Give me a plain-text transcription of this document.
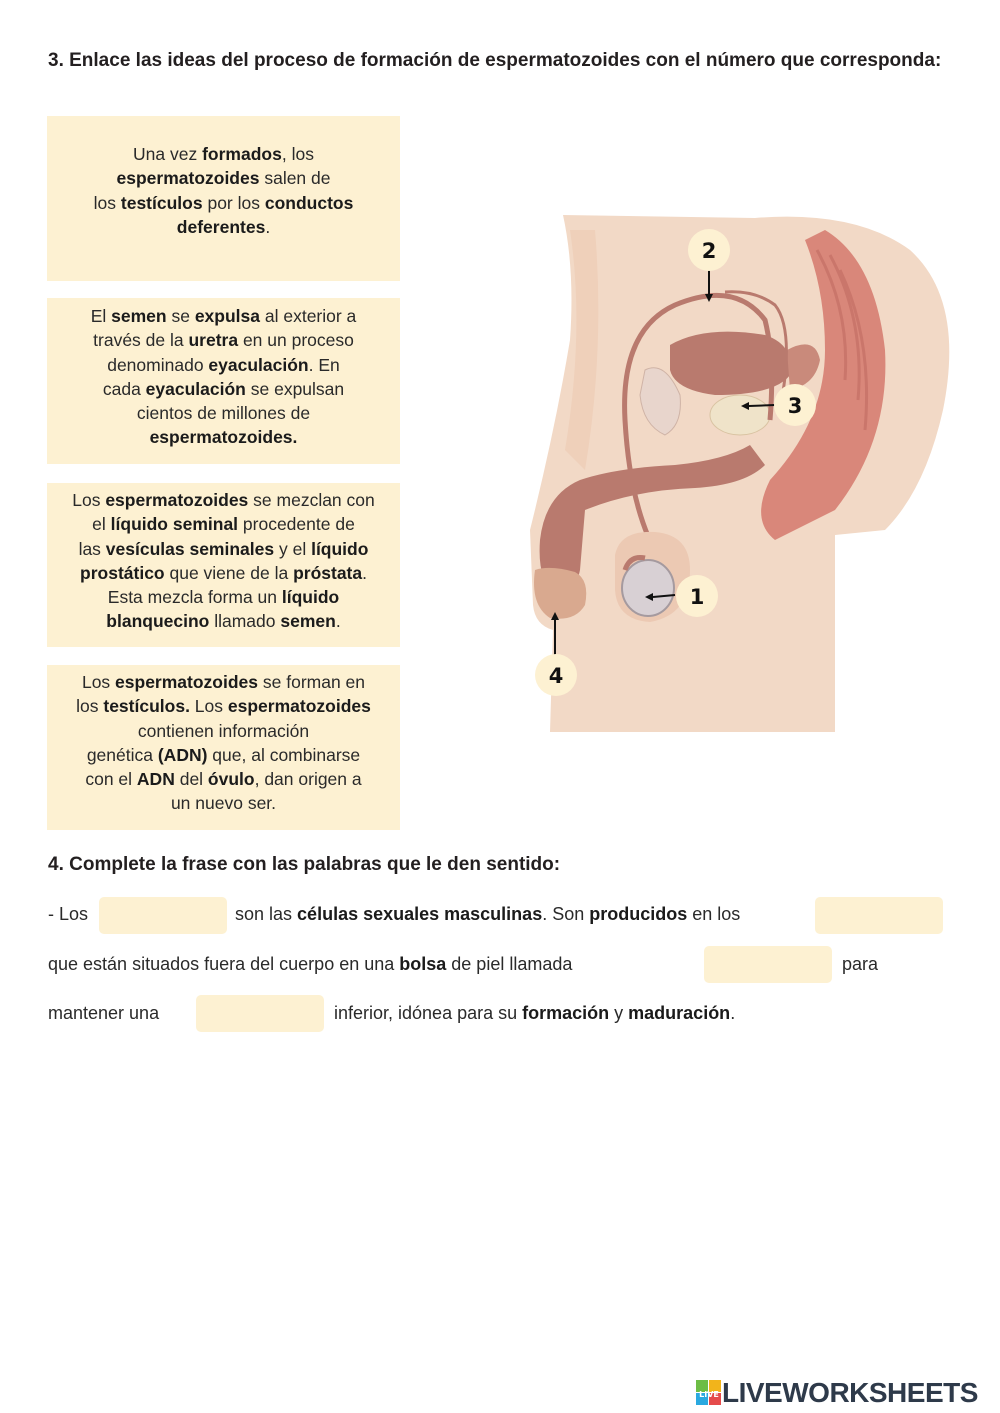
3. Enlace las ideas del proceso de formación de espermatozoides con el número que corresponda:

Una vez formados, los

espermatozoides salen de

los testículos por los conductos

deferentes.

El semen se expulsa al exterior a

través de la uretra en un proceso

denominado eyaculación. En

cada eyaculación se expulsan

cientos de millones de

espermatozoides.

Los espermatozoides se mezclan con

el líquido seminal procedente de

las vesículas seminales y el líquido

prostático que viene de la próstata.

Esta mezcla forma un líquido

blanquecino llamado semen.

Los espermatozoides se forman en

los testículos. Los espermatozoides

contienen información

genética (ADN) que, al combinarse

con el ADN del óvulo, dan origen a

un nuevo ser.

1
2
3
4
4. Complete la frase con las palabras que le den sentido:
- Los	son las células sexuales masculinas. Son producidos en los
que están situados fuera del cuerpo en una bolsa de piel llamada	para
mantener una	inferior, idónea para su formación y maduración.
LIVE LIVEWORKSHEETS
